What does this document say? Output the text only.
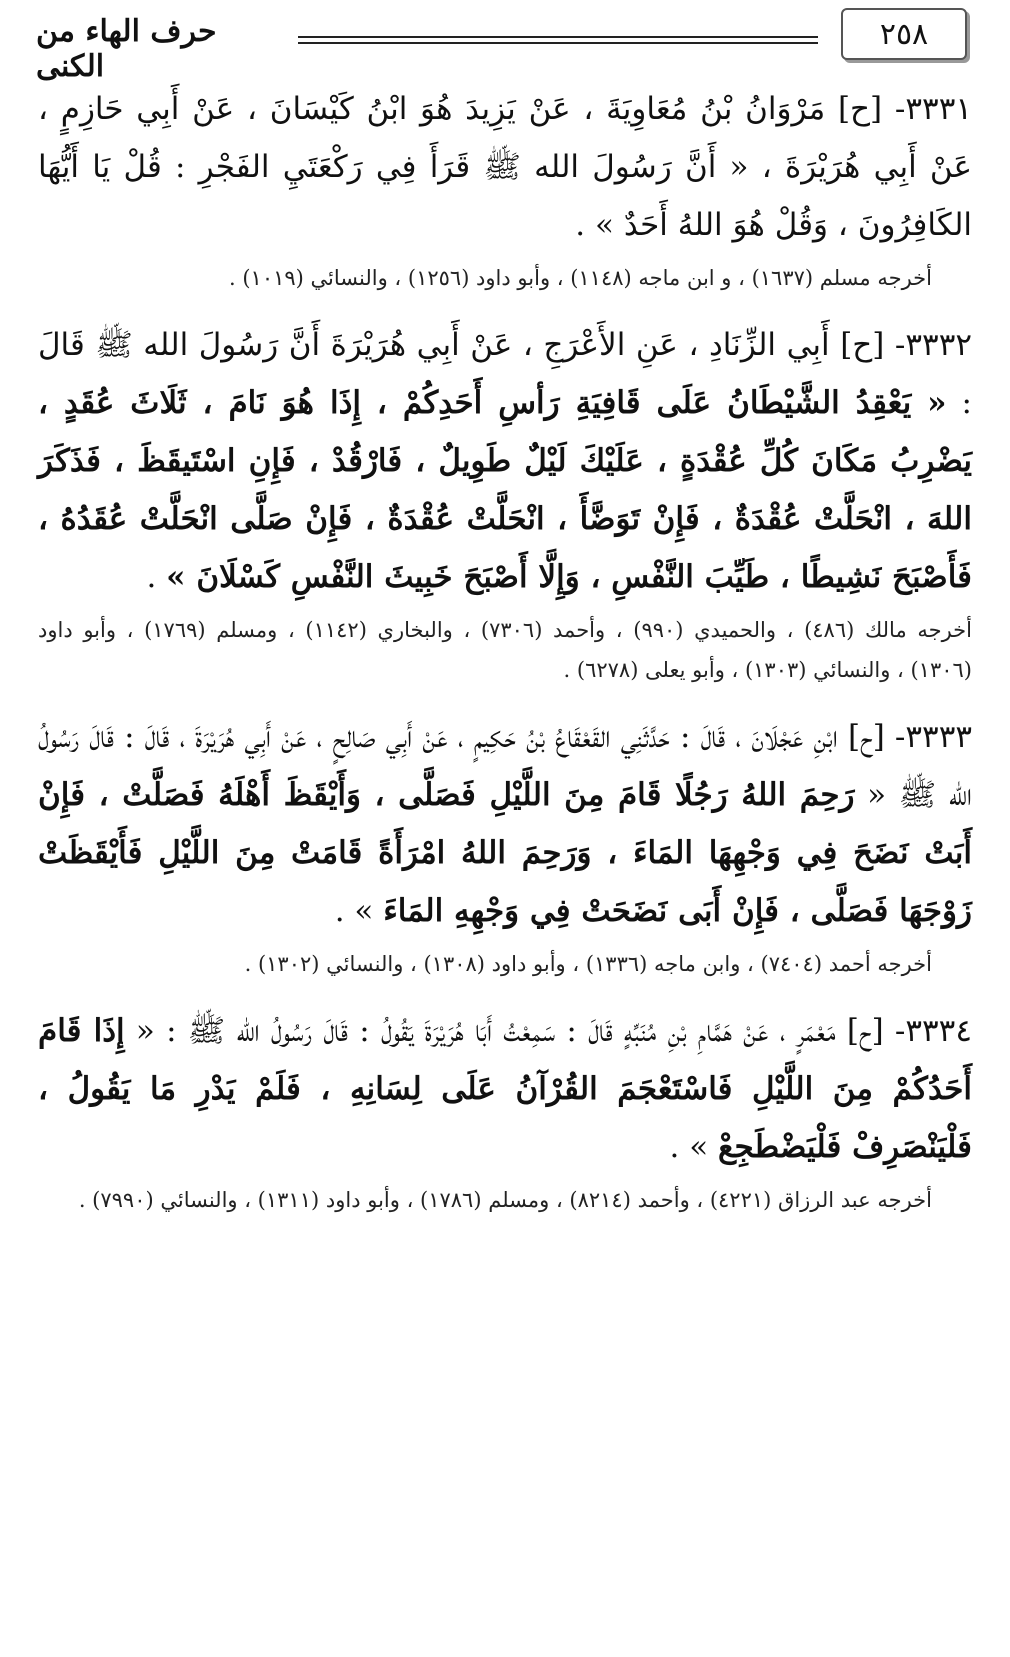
٢٥٨
حرف الهاء من الكنى

٣٣٣١- [ح] مَرْوَانُ بْنُ مُعَاوِيَةَ ، عَنْ يَزِيدَ هُوَ ابْنُ كَيْسَانَ ، عَنْ أَبِي حَازِمٍ ، عَنْ أَبِي هُرَيْرَةَ ، « أَنَّ رَسُولَ الله ﷺ قَرَأَ فِي رَكْعَتَيِ الفَجْرِ : قُلْ يَا أَيُّهَا الكَافِرُونَ ، وَقُلْ هُوَ اللهُ أَحَدٌ » .

أخرجه مسلم (١٦٣٧) ، و ابن ماجه (١١٤٨) ، وأبو داود (١٢٥٦) ، والنسائي (١٠١٩) .

٣٣٣٢- [ح] أَبِي الزِّنَادِ ، عَنِ الأَعْرَجِ ، عَنْ أَبِي هُرَيْرَةَ أَنَّ رَسُولَ الله ﷺ قَالَ : « يَعْقِدُ الشَّيْطَانُ عَلَى قَافِيَةِ رَأسِ أَحَدِكُمْ ، إِذَا هُوَ نَامَ ، ثَلَاثَ عُقَدٍ ، يَضْرِبُ مَكَانَ كُلِّ عُقْدَةٍ ، عَلَيْكَ لَيْلٌ طَوِيلٌ ، فَارْقُدْ ، فَإِنِ اسْتَيقَظَ ، فَذَكَرَ اللهَ ، انْحَلَّتْ عُقْدَةٌ ، فَإِنْ تَوَضَّأَ ، انْحَلَّتْ عُقْدَةٌ ، فَإِنْ صَلَّى انْحَلَّتْ عُقَدُهُ ، فَأَصْبَحَ نَشِيطًا ، طَيِّبَ النَّفْسِ ، وَإِلَّا أَصْبَحَ خَبِيثَ النَّفْسِ كَسْلَانَ » .

أخرجه مالك (٤٨٦) ، والحميدي (٩٩٠) ، وأحمد (٧٣٠٦) ، والبخاري (١١٤٢) ، ومسلم (١٧٦٩) ، وأبو داود (١٣٠٦) ، والنسائي (١٣٠٣) ، وأبو يعلى (٦٢٧٨) .

٣٣٣٣- [ح] ابْنِ عَجْلَانَ ، قَالَ : حَدَّثَنِي القَعْقَاعُ بْنُ حَكِيمٍ ، عَنْ أَبِي صَالِحٍ ، عَنْ أَبِي هُرَيْرَةَ ، قَالَ : قَالَ رَسُولُ الله ﷺ « رَحِمَ اللهُ رَجُلًا قَامَ مِنَ اللَّيْلِ فَصَلَّى ، وَأَيْقَظَ أَهْلَهُ فَصَلَّتْ ، فَإِنْ أَبَتْ نَضَحَ فِي وَجْهِهَا المَاءَ ، وَرَحِمَ اللهُ امْرَأَةً قَامَتْ مِنَ اللَّيْلِ فَأَيْقَظَتْ زَوْجَهَا فَصَلَّى ، فَإِنْ أَبَى نَضَحَتْ فِي وَجْهِهِ المَاءَ » .

أخرجه أحمد (٧٤٠٤) ، وابن ماجه (١٣٣٦) ، وأبو داود (١٣٠٨) ، والنسائي (١٣٠٢) .

٣٣٣٤- [ح] مَعْمَرٍ ، عَنْ هَمَّامِ بْنِ مُنَبِّهٍ قَالَ : سَمِعْتُ أَبَا هُرَيْرَةَ يَقُولُ : قَالَ رَسُولُ الله ﷺ : « إِذَا قَامَ أَحَدُكُمْ مِنَ اللَّيْلِ فَاسْتَعْجَمَ القُرْآنُ عَلَى لِسَانِهِ ، فَلَمْ يَدْرِ مَا يَقُولُ ، فَلْيَنْصَرِفْ فَلْيَضْطَجِعْ » .

أخرجه عبد الرزاق (٤٢٢١) ، وأحمد (٨٢١٤) ، ومسلم (١٧٨٦) ، وأبو داود (١٣١١) ، والنسائي (٧٩٩٠) .
